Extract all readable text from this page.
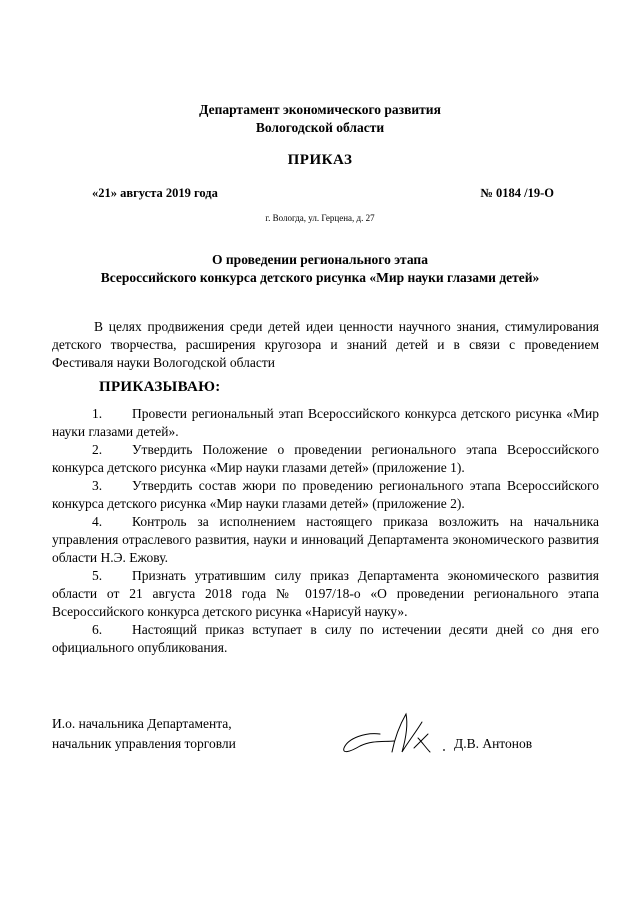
Департамент экономического развития
Вологодской области
ПРИКАЗ
«21» августа 2019 года	№ 0184 /19-О
г. Вологда, ул. Герцена, д. 27
О проведении регионального этапа
Всероссийского конкурса детского рисунка «Мир науки глазами детей»
В целях продвижения среди детей идеи ценности научного знания, стимулирования детского творчества, расширения кругозора и знаний детей и в связи с проведением Фестиваля науки Вологодской области
ПРИКАЗЫВАЮ:
1. Провести региональный этап Всероссийского конкурса детского рисунка «Мир науки глазами детей».
2. Утвердить Положение о проведении регионального этапа Всероссийского конкурса детского рисунка «Мир науки глазами детей» (приложение 1).
3. Утвердить состав жюри по проведению регионального этапа Всероссийского конкурса детского рисунка «Мир науки глазами детей» (приложение 2).
4. Контроль за исполнением настоящего приказа возложить на начальника управления отраслевого развития, науки и инноваций Департамента экономического развития области Н.Э. Ежову.
5. Признать утратившим силу приказ Департамента экономического развития области от 21 августа 2018 года № 0197/18-о «О проведении регионального этапа Всероссийского конкурса детского рисунка «Нарисуй науку».
6. Настоящий приказ вступает в силу по истечении десяти дней со дня его официального опубликования.
И.о. начальника Департамента,
начальник управления торговли	Д.В. Антонов
